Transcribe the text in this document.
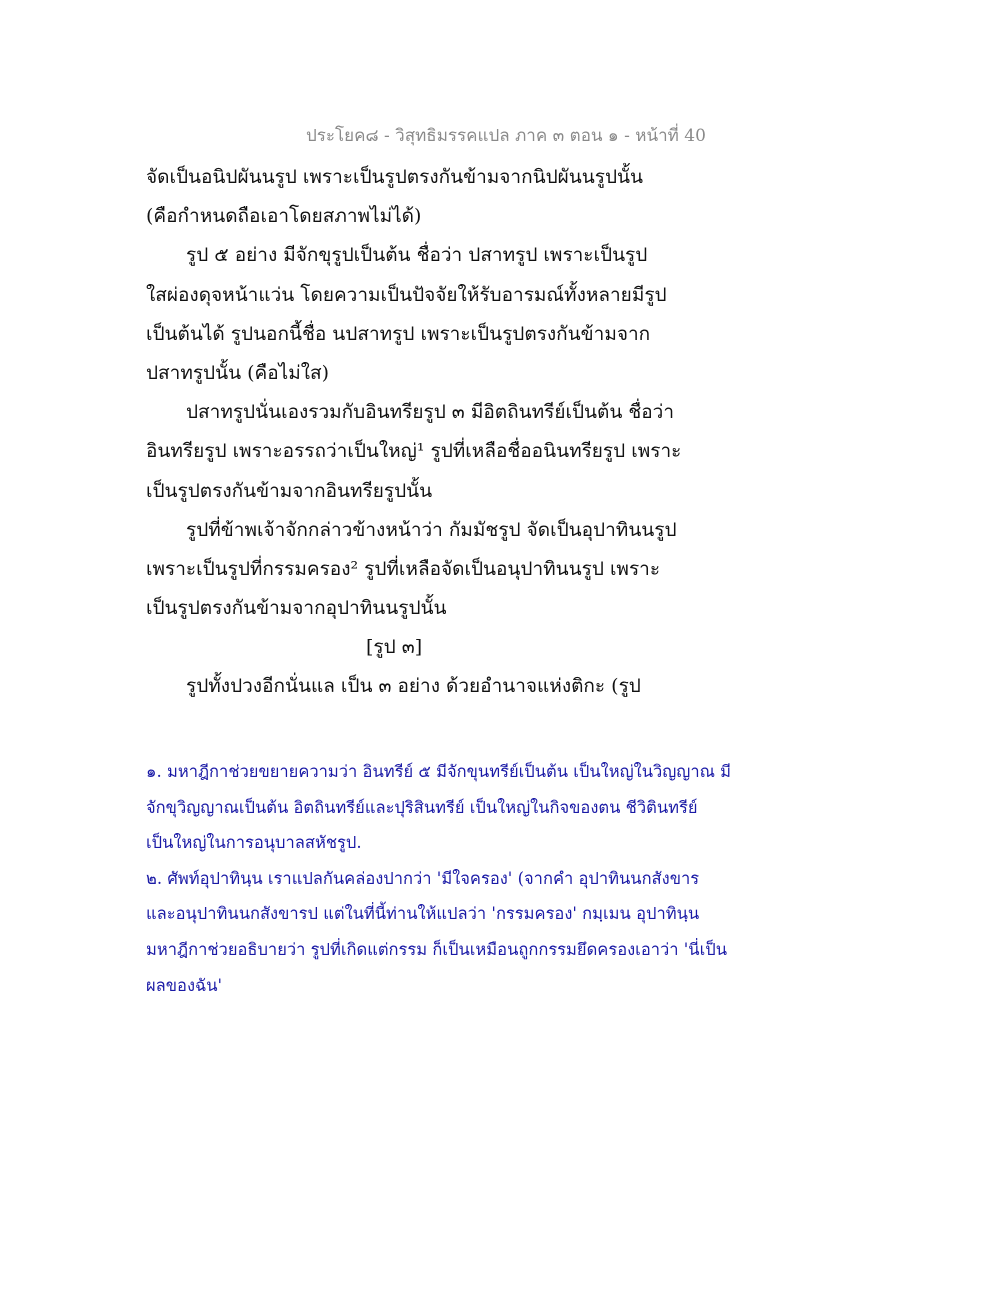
ประโยค๘ - วิสุทธิมรรคแปล ภาค ๓ ตอน ๑ - หน้าที่ 40
จัดเป็นอนิปผันนรูป เพราะเป็นรูปตรงกันข้ามจากนิปผันนรูปนั้น
(คือกำหนดถือเอาโดยสภาพไม่ได้)
รูป ๕ อย่าง มีจักขุรูปเป็นต้น ชื่อว่า ปสาทรูป เพราะเป็นรูป
ใสผ่องดุจหน้าแว่น โดยความเป็นปัจจัยให้รับอารมณ์ทั้งหลายมีรูป
เป็นต้นได้ รูปนอกนี้ชื่อ นปสาทรูป เพราะเป็นรูปตรงกันข้ามจาก
ปสาทรูปนั้น (คือไม่ใส)
ปสาทรูปนั่นเองรวมกับอินทรียรูป ๓ มีอิตถินทรีย์เป็นต้น ชื่อว่า
อินทรียรูป เพราะอรรถว่าเป็นใหญ่¹ รูปที่เหลือชื่ออนินทรียรูป เพราะ
เป็นรูปตรงกันข้ามจากอินทรียรูปนั้น
รูปที่ข้าพเจ้าจักกล่าวข้างหน้าว่า กัมมัชรูป จัดเป็นอุปาทินนรูป
เพราะเป็นรูปที่กรรมครอง² รูปที่เหลือจัดเป็นอนุปาทินนรูป เพราะ
เป็นรูปตรงกันข้ามจากอุปาทินนรูปนั้น
[รูป ๓]
รูปทั้งปวงอีกนั่นแล เป็น ๓ อย่าง ด้วยอำนาจแห่งติกะ (รูป
๑. มหาฎีกาช่วยขยายความว่า อินทรีย์ ๕ มีจักขุนทรีย์เป็นต้น เป็นใหญ่ในวิญญาณ มี
จักขุวิญญาณเป็นต้น อิตถินทรีย์และปุริสินทรีย์ เป็นใหญ่ในกิจของตน ชีวิตินทรีย์
เป็นใหญ่ในการอนุบาลสหัชรูป.
๒. ศัพท์อุปาทินฺน เราแปลกันคล่องปากว่า 'มีใจครอง' (จากคำ อุปาทินนกสังขาร
และอนุปาทินนกสังขารป แต่ในที่นี้ท่านให้แปลว่า 'กรรมครอง' กมฺเมน อุปาทินฺน
มหาฎีกาช่วยอธิบายว่า รูปที่เกิดแต่กรรม ก็เป็นเหมือนถูกกรรมยึดครองเอาว่า 'นี่เป็น
ผลของฉัน'
